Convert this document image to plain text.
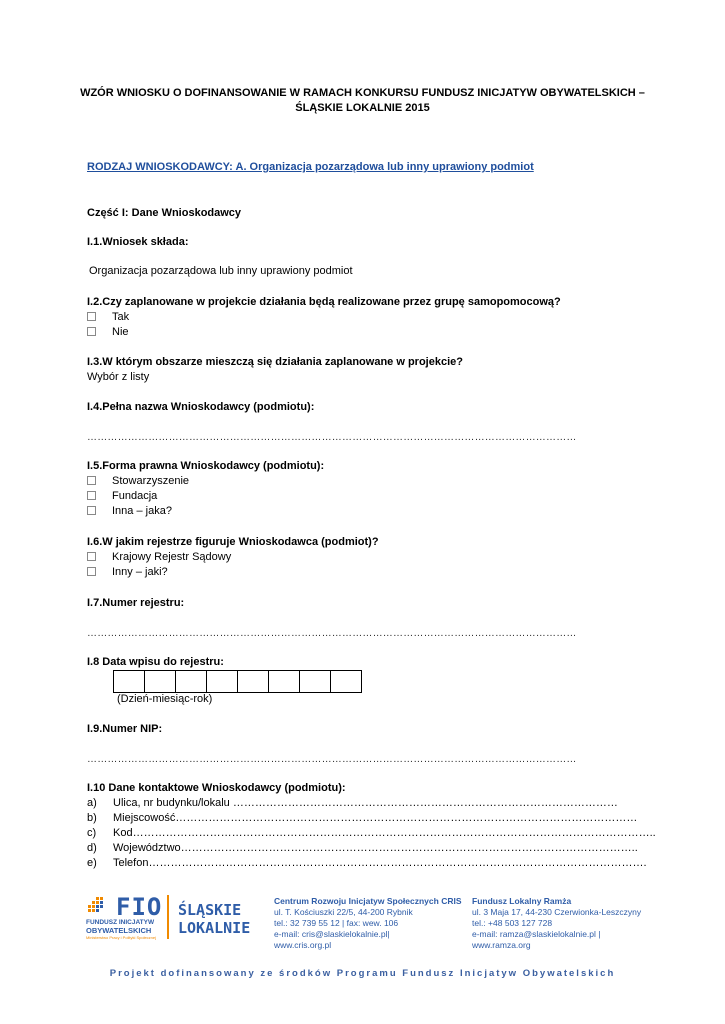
WZÓR WNIOSKU O DOFINANSOWANIE W RAMACH KONKURSU FUNDUSZ INICJATYW OBYWATELSKICH –
ŚLĄSKIE LOKALNIE 2015
RODZAJ WNIOSKODAWCY: A. Organizacja pozarządowa lub inny uprawiony podmiot
Część I: Dane Wnioskodawcy
I.1.Wniosek składa:
Organizacja pozarządowa lub inny uprawiony podmiot
I.2.Czy zaplanowane w projekcie działania będą realizowane przez grupę samopomocową?
Tak
Nie
I.3.W którym obszarze mieszczą się działania zaplanowane w projekcie?
Wybór z listy
I.4.Pełna nazwa Wnioskodawcy (podmiotu):
………………………………………………………………………………………………………………………………
I.5.Forma prawna Wnioskodawcy (podmiotu):
Stowarzyszenie
Fundacja
Inna – jaka?
I.6.W jakim rejestrze figuruje Wnioskodawca (podmiot)?
Krajowy Rejestr Sądowy
Inny – jaki?
I.7.Numer rejestru:
………………………………………………………………………………………………………………………………
I.8 Data wpisu do rejestru:
(Dzień-miesiąc-rok)
I.9.Numer NIP:
………………………………………………………………………………………………………………………………
I.10 Dane kontaktowe Wnioskodawcy (podmiotu):
a) Ulica, nr budynku/lokalu ……………………………………………………………………………………………
b) Miejscowość………………………………………………………………………………………………………………
c) Kod……………………………………………………………………………………………………………………………..
d) Województwo……………………………………………………………………………………………………………..
e) Telefon……………………………………………………………………………………………………………………….
FIO
FUNDUSZ INICJATYW
OBYWATELSKICH
Ministerstwo Pracy i Polityki Społecznej
ŚLĄSKIE
LOKALNIE
Centrum Rozwoju Inicjatyw Społecznych CRIS
ul. T. Kościuszki 22/5, 44-200 Rybnik
tel.: 32 739 55 12 | fax: wew. 106
e-mail: cris@slaskielokalnie.pl|
www.cris.org.pl
Fundusz Lokalny Ramża
ul. 3 Maja 17, 44-230 Czerwionka-Leszczyny
tel.: +48 503 127 728
e-mail: ramza@slaskielokalnie.pl |
www.ramza.org
Projekt dofinansowany ze środków Programu Fundusz Inicjatyw Obywatelskich
